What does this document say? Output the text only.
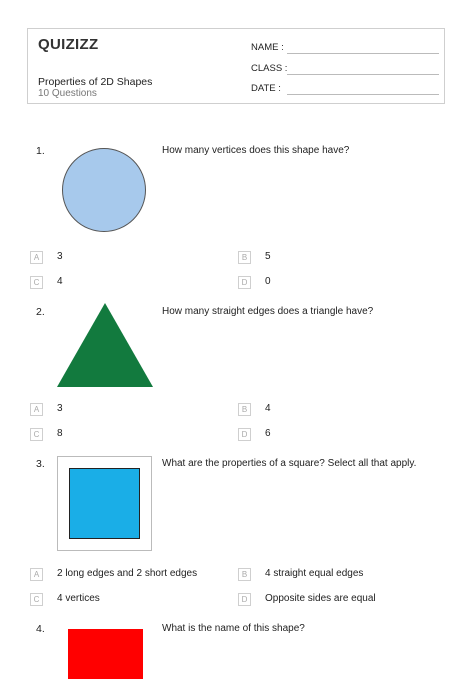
QUIZIZZ
Properties of 2D Shapes
10 Questions
NAME :
CLASS :
DATE :
1.	How many vertices does this shape have?
A	3	B	5
C	4	D	0
2.	How many straight edges does a triangle have?
A	3	B	4
C	8	D	6
3.	What are the properties of a square? Select all that apply.
A	2 long edges and 2 short edges	B	4 straight equal edges
C	4 vertices	D	Opposite sides are equal
4.	What is the name of this shape?
